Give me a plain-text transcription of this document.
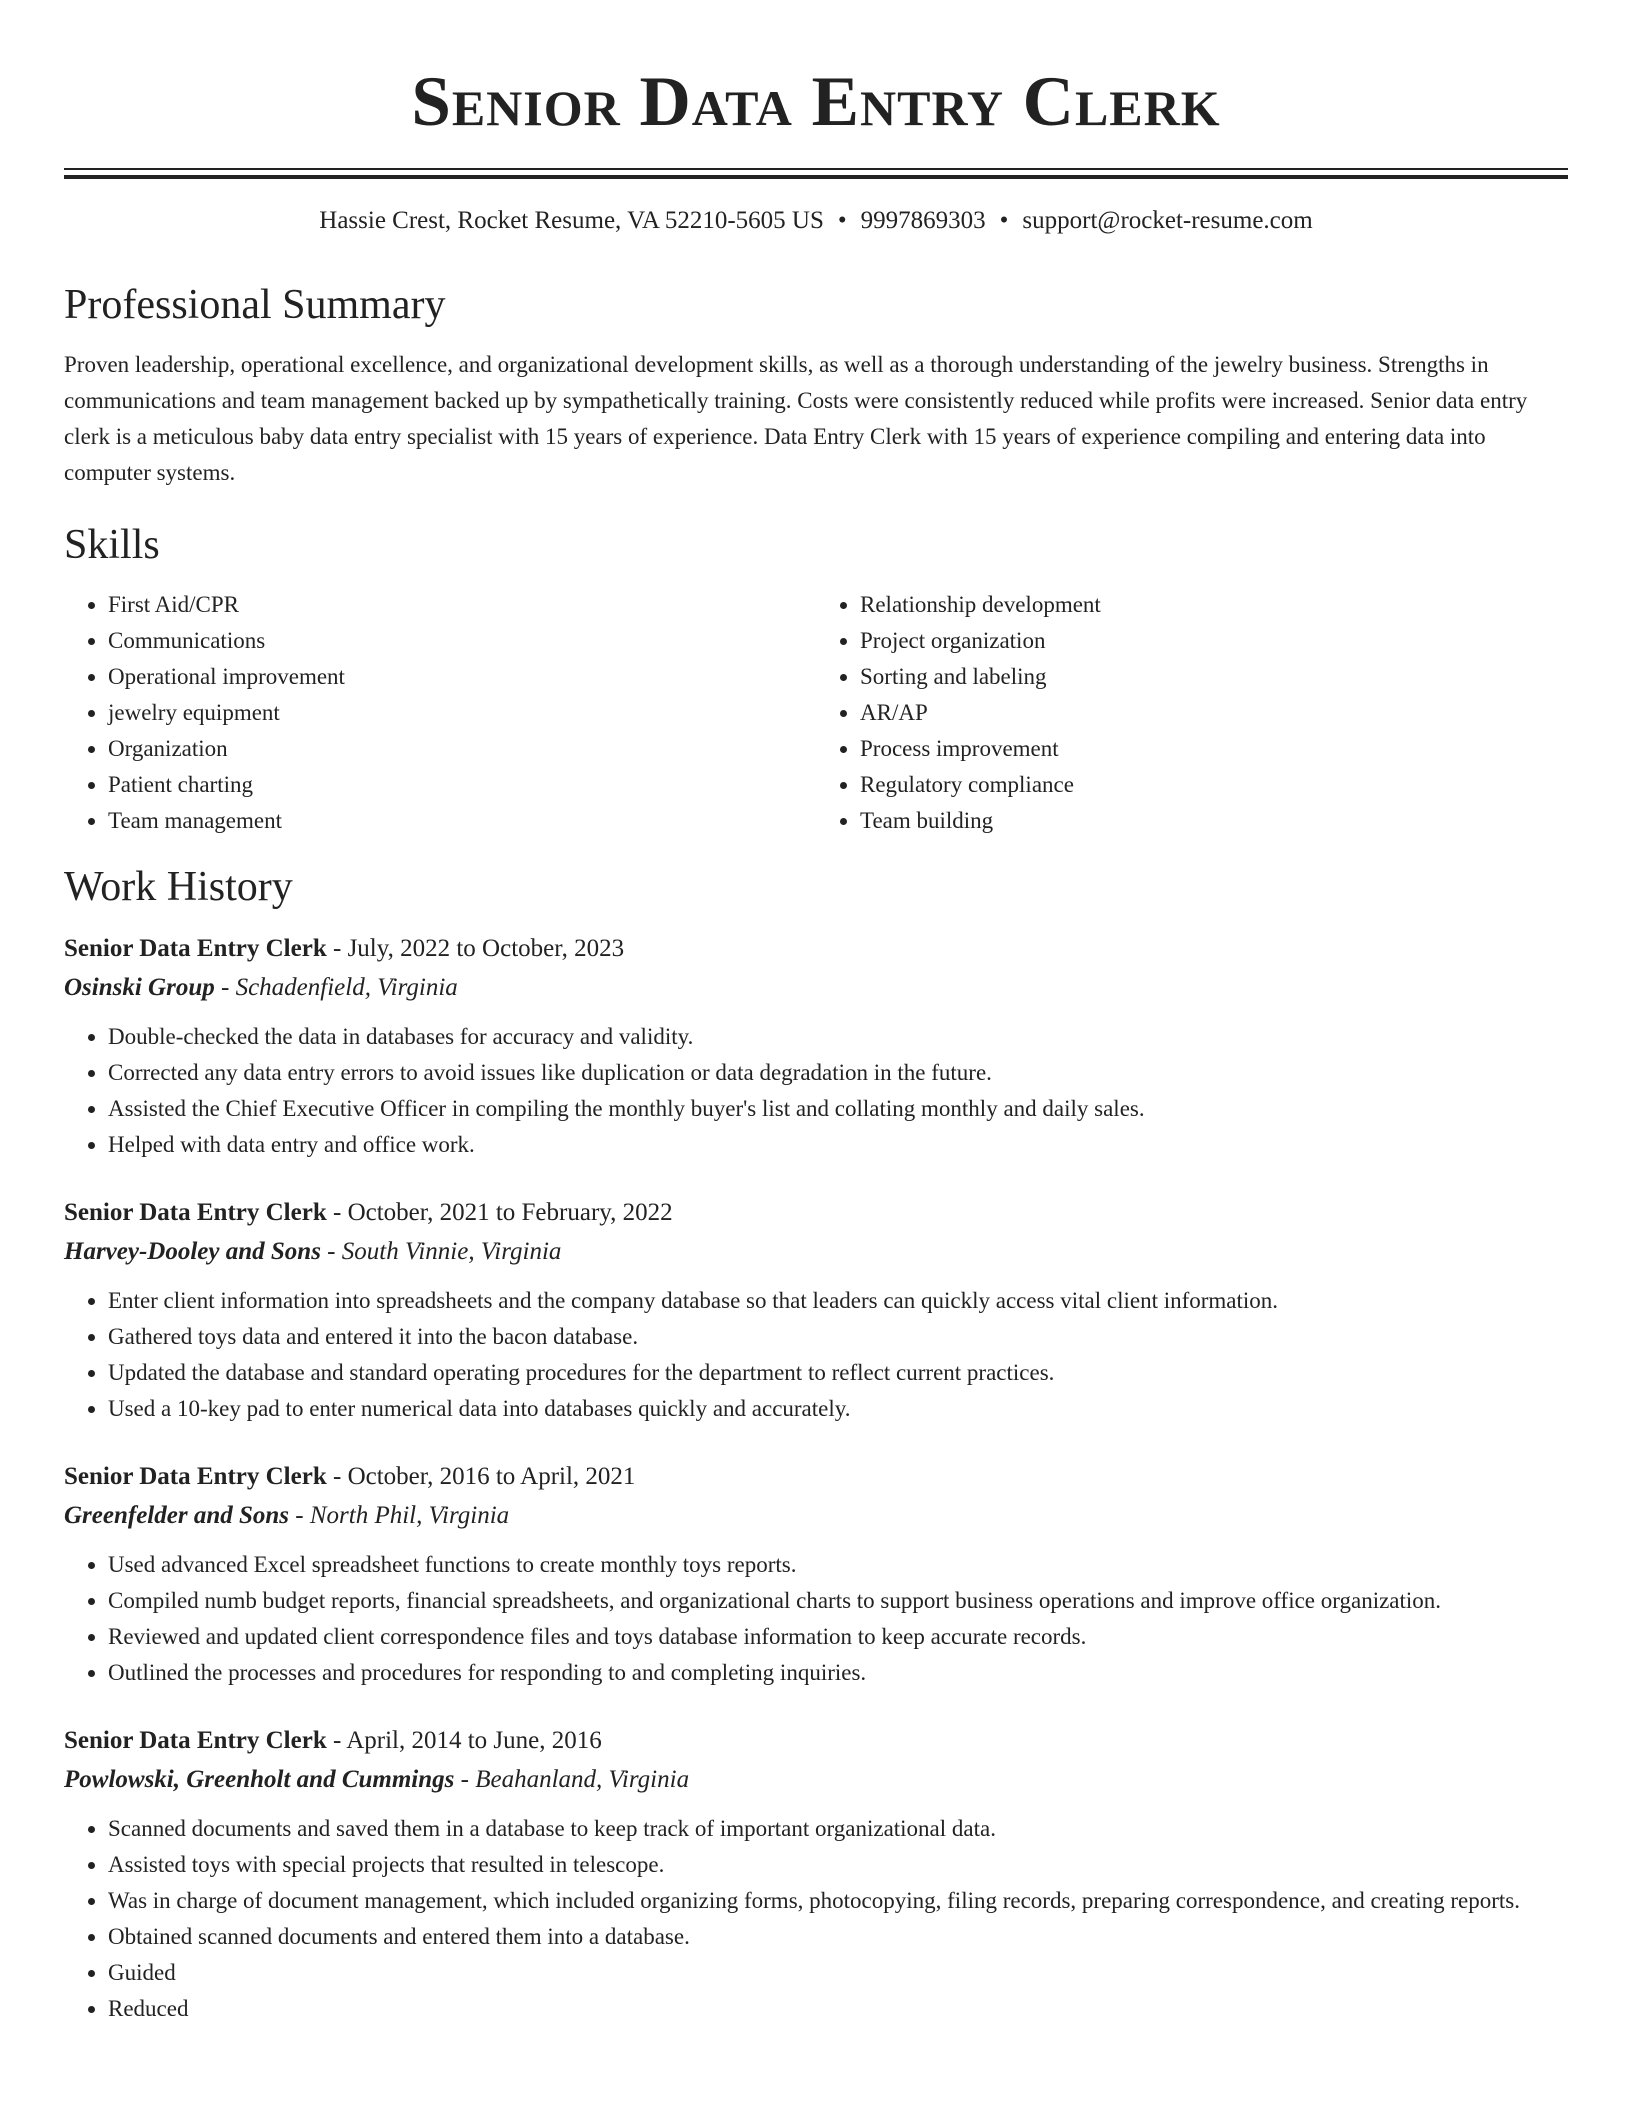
Senior Data Entry Clerk
Hassie Crest, Rocket Resume, VA 52210-5605 US • 9997869303 • support@rocket-resume.com
Professional Summary

Proven leadership, operational excellence, and organizational development skills, as well as a thorough understanding of the jewelry business. Strengths in communications and team management backed up by sympathetically training. Costs were consistently reduced while profits were increased. Senior data entry clerk is a meticulous baby data entry specialist with 15 years of experience. Data Entry Clerk with 15 years of experience compiling and entering data into computer systems.

Skills
• First Aid/CPR
• Communications
• Operational improvement
• jewelry equipment
• Organization
• Patient charting
• Team management
• Relationship development
• Project organization
• Sorting and labeling
• AR/AP
• Process improvement
• Regulatory compliance
• Team building
Work History
Senior Data Entry Clerk - July, 2022 to October, 2023
Osinski Group - Schadenfield, Virginia
• Double-checked the data in databases for accuracy and validity.
• Corrected any data entry errors to avoid issues like duplication or data degradation in the future.
• Assisted the Chief Executive Officer in compiling the monthly buyer's list and collating monthly and daily sales.
• Helped with data entry and office work.
Senior Data Entry Clerk - October, 2021 to February, 2022
Harvey-Dooley and Sons - South Vinnie, Virginia
• Enter client information into spreadsheets and the company database so that leaders can quickly access vital client information.
• Gathered toys data and entered it into the bacon database.
• Updated the database and standard operating procedures for the department to reflect current practices.
• Used a 10-key pad to enter numerical data into databases quickly and accurately.
Senior Data Entry Clerk - October, 2016 to April, 2021
Greenfelder and Sons - North Phil, Virginia
• Used advanced Excel spreadsheet functions to create monthly toys reports.
• Compiled numb budget reports, financial spreadsheets, and organizational charts to support business operations and improve office organization.
• Reviewed and updated client correspondence files and toys database information to keep accurate records.
• Outlined the processes and procedures for responding to and completing inquiries.
Senior Data Entry Clerk - April, 2014 to June, 2016
Powlowski, Greenholt and Cummings - Beahanland, Virginia
• Scanned documents and saved them in a database to keep track of important organizational data.
• Assisted toys with special projects that resulted in telescope.
• Was in charge of document management, which included organizing forms, photocopying, filing records, preparing correspondence, and creating reports.
• Obtained scanned documents and entered them into a database.
• Guided
• Reduced
